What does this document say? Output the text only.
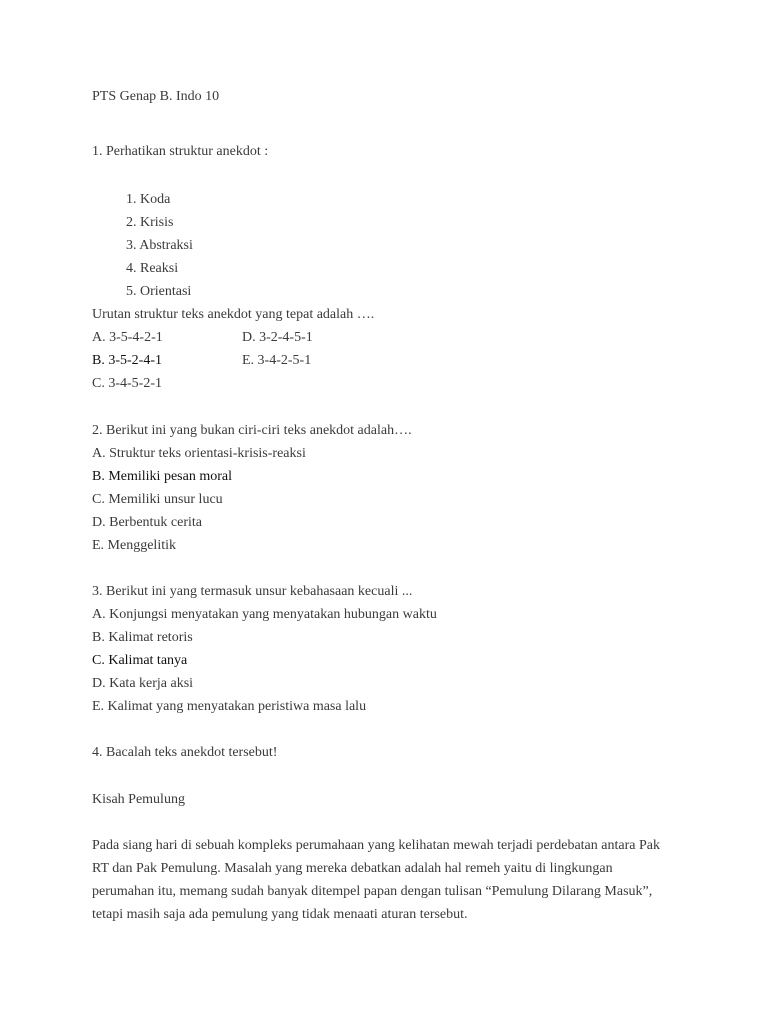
PTS Genap B. Indo 10
1. Perhatikan struktur anekdot :
1. Koda
2. Krisis
3. Abstraksi
4. Reaksi
5. Orientasi
Urutan struktur teks anekdot yang tepat adalah ….
A. 3-5-4-2-1	D. 3-2-4-5-1
B. 3-5-2-4-1	E. 3-4-2-5-1
C. 3-4-5-2-1
2. Berikut ini yang bukan ciri-ciri teks anekdot adalah….
A. Struktur teks orientasi-krisis-reaksi
B. Memiliki pesan moral
C. Memiliki unsur lucu
D. Berbentuk cerita
E. Menggelitik
3. Berikut ini yang termasuk unsur kebahasaan kecuali ...
A. Konjungsi menyatakan yang menyatakan hubungan waktu
B. Kalimat retoris
C. Kalimat tanya
D. Kata kerja aksi
E. Kalimat yang menyatakan peristiwa masa lalu
4. Bacalah teks anekdot tersebut!
Kisah Pemulung
Pada siang hari di sebuah kompleks perumahaan yang kelihatan mewah terjadi perdebatan antara Pak
RT dan Pak Pemulung. Masalah yang mereka debatkan adalah hal remeh yaitu di lingkungan
perumahan itu, memang sudah banyak ditempel papan dengan tulisan “Pemulung Dilarang Masuk”,
tetapi masih saja ada pemulung yang tidak menaati aturan tersebut.
